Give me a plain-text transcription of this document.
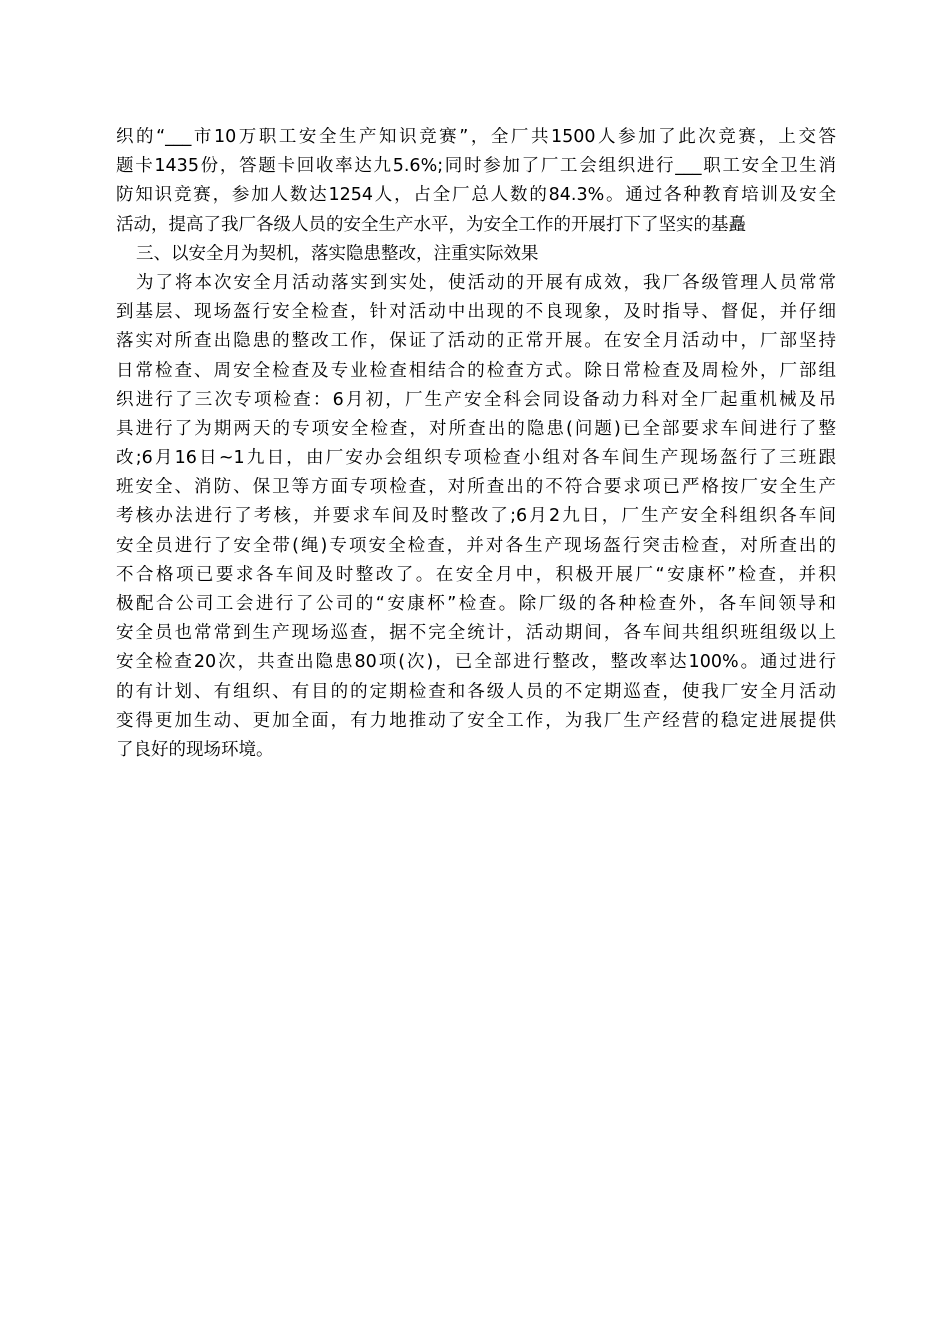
织的“___市10万职工安全生产知识竞赛”，全厂共1500人参加了此次竞赛，上交答
题卡1435份，答题卡回收率达九5.6%;同时参加了厂工会组织进行___职工安全卫生消
防知识竞赛，参加人数达1254人，占全厂总人数的84.3%。通过各种教育培训及安全
活动，提高了我厂各级人员的安全生产水平，为安全工作的开展打下了坚实的基矗
三、以安全月为契机，落实隐患整改，注重实际效果
为了将本次安全月活动落实到实处，使活动的开展有成效，我厂各级管理人员常常
到基层、现场盔行安全检查，针对活动中出现的不良现象，及时指导、督促，并仔细
落实对所查出隐患的整改工作，保证了活动的正常开展。在安全月活动中，厂部坚持
日常检查、周安全检查及专业检查相结合的检查方式。除日常检查及周检外，厂部组
织进行了三次专项检查：6月初，厂生产安全科会同设备动力科对全厂起重机械及吊
具进行了为期两天的专项安全检查，对所查出的隐患(问题)已全部要求车间进行了整
改;6月16日~1九日，由厂安办会组织专项检查小组对各车间生产现场盔行了三班跟
班安全、消防、保卫等方面专项检查，对所查出的不符合要求项已严格按厂安全生产
考核办法进行了考核，并要求车间及时整改了;6月2九日，厂生产安全科组织各车间
安全员进行了安全带(绳)专项安全检查，并对各生产现场盔行突击检查，对所查出的
不合格项已要求各车间及时整改了。在安全月中，积极开展厂“安康杯”检查，并积
极配合公司工会进行了公司的“安康杯”检查。除厂级的各种检查外，各车间领导和
安全员也常常到生产现场巡查，据不完全统计，活动期间，各车间共组织班组级以上
安全检查20次，共查出隐患80项(次)，已全部进行整改，整改率达100%。通过进行
的有计划、有组织、有目的的定期检查和各级人员的不定期巡查，使我厂安全月活动
变得更加生动、更加全面，有力地推动了安全工作，为我厂生产经营的稳定进展提供
了良好的现场环境。
